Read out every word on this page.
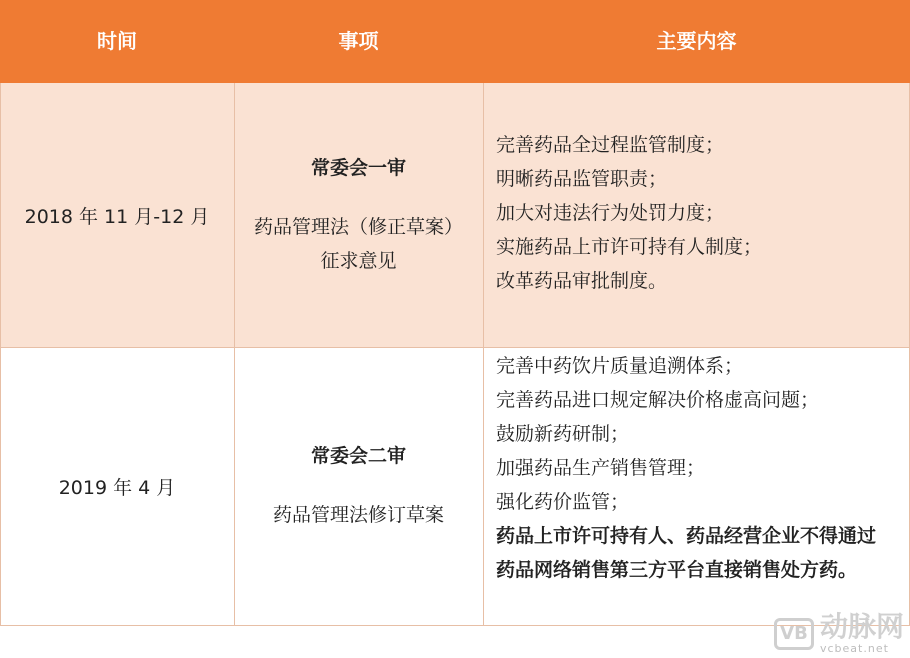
时间	事项	主要内容
2018 年 11 月-12 月
常委会一审
药品管理法（修正草案）征求意见
完善药品全过程监管制度；
明晰药品监管职责；
加大对违法行为处罚力度；
实施药品上市许可持有人制度；
改革药品审批制度。
2019 年 4 月
常委会二审
药品管理法修订草案
完善中药饮片质量追溯体系；
完善药品进口规定解决价格虚高问题；
鼓励新药研制；
加强药品生产销售管理；
强化药价监管；
药品上市许可持有人、药品经营企业不得通过药品网络销售第三方平台直接销售处方药。
VB 动脉网
vcbeat.net
